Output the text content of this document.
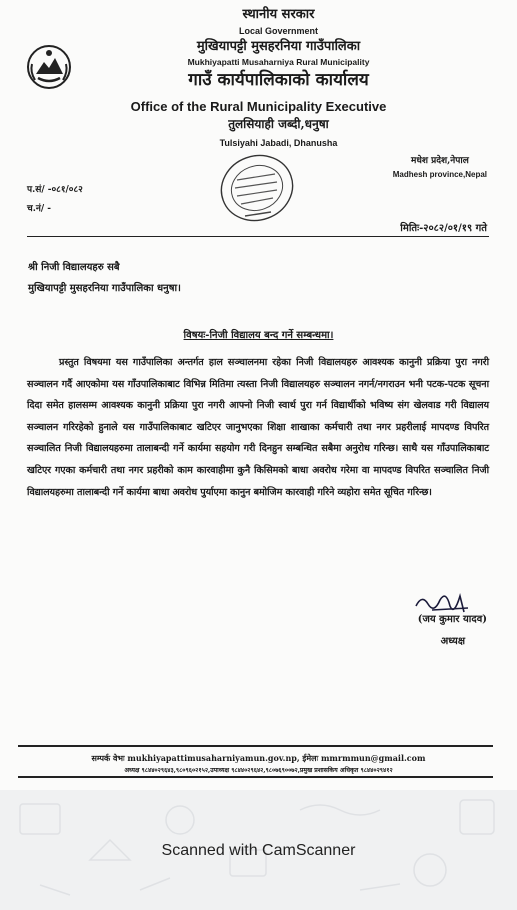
स्थानीय सरकार
Local Government
मुखियापट्टी मुसहरनिया गाउँपालिका
Mukhiyapatti Musaharniya Rural Municipality
गाउँ कार्यपालिकाको कार्यालय
Office of the Rural Municipality Executive
तुलसियाही जब्दी,धनुषा
Tulsiyahi Jabadi, Dhanusha
मधेश प्रदेश,नेपाल
Madhesh province,Nepal
प.सं/ -०८१/०८२
च.नं/ -
मितिः-२०८२/०१/१९ गते
श्री निजी विद्यालयहरु सबै
मुखियापट्टी मुसहरनिया गाउँपालिका धनुषा।
विषयः-निजी विद्यालय बन्द गर्ने सम्बन्धमा।
प्रस्तुत विषयमा यस गाउँपालिका अन्तर्गत हाल सञ्चालनमा रहेका निजी विद्यालयहरु आवश्यक कानुनी प्रक्रिया पुरा नगरी सञ्चालन गर्दै आएकोमा यस गाँउपालिकाबाट विभिन्न मितिमा त्यस्ता निजी विद्यालयहरु सञ्चालन नगर्न/नगराउन भनी पटक-पटक सूचना दिदा समेत हालसम्म आवश्यक कानुनी प्रक्रिया पुरा नगरी आफ्नो निजी स्वार्थ पुरा गर्न विद्यार्थीको भविष्य संग खेलवाड गरी विद्यालय सञ्चालन गरिरहेको हुनाले यस गाउँपालिकाबाट खटिएर जानुभएका शिक्षा शाखाका कर्मचारी तथा नगर प्रहरीलाई मापदण्ड विपरित सञ्चालित निजी विद्यालयहरुमा तालाबन्दी गर्ने कार्यमा सहयोग गरी दिनहुन सम्बन्धित सबैमा अनुरोध गरिन्छ। साथै यस गाँउपालिकाबाट खटिएर गएका कर्मचारी तथा नगर प्रहरीको काम कारवाहीमा कुनै किसिमको बाधा अवरोध गरेमा वा मापदण्ड विपरित सञ्चालित निजी विद्यालयहरुमा तालाबन्दी गर्ने कार्यमा बाधा अवरोध पुर्याएमा कानुन बमोजिम कारवाही गरिने व्यहोरा समेत सूचित गरिन्छ।
(जय कुमार यादव)
अध्यक्ष
सम्पर्क वेभः mukhiyapattimusaharniyamun.gov.np, ईमेलः mmrmmun@gmail.com
अध्यक्ष ९८४४०२९६४३,९८०९६०२१५२,उपाध्यक्ष ९८४४०२९६४२,९८०७६९००७२,प्रमुख प्रशासकिय अधिकृत ९८४४०२९४१२
Scanned with CamScanner
